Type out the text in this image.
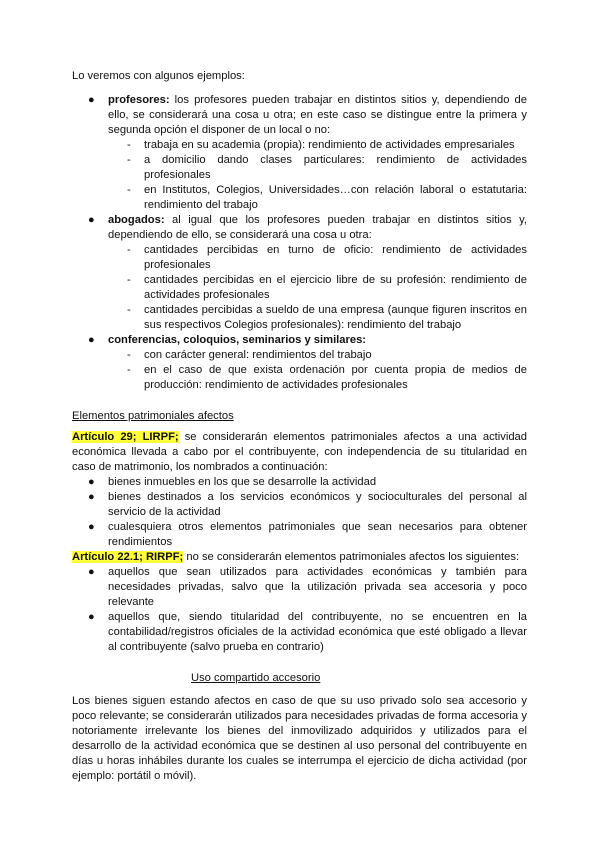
Lo veremos con algunos ejemplos:

● profesores: los profesores pueden trabajar en distintos sitios y, dependiendo de ello, se considerará una cosa u otra; en este caso se distingue entre la primera y segunda opción el disponer de un local o no:
- trabaja en su academia (propia): rendimiento de actividades empresariales
- a domicilio dando clases particulares: rendimiento de actividades profesionales
- en Institutos, Colegios, Universidades…con relación laboral o estatutaria: rendimiento del trabajo
● abogados: al igual que los profesores pueden trabajar en distintos sitios y, dependiendo de ello, se considerará una cosa u otra:
- cantidades percibidas en turno de oficio: rendimiento de actividades profesionales
- cantidades percibidas en el ejercicio libre de su profesión: rendimiento de actividades profesionales
- cantidades percibidas a sueldo de una empresa (aunque figuren inscritos en sus respectivos Colegios profesionales): rendimiento del trabajo
● conferencias, coloquios, seminarios y similares:
- con carácter general: rendimientos del trabajo
- en el caso de que exista ordenación por cuenta propia de medios de producción: rendimiento de actividades profesionales

Elementos patrimoniales afectos

Artículo 29; LIRPF; se considerarán elementos patrimoniales afectos a una actividad económica llevada a cabo por el contribuyente, con independencia de su titularidad en caso de matrimonio, los nombrados a continuación:

● bienes inmuebles en los que se desarrolle la actividad
● bienes destinados a los servicios económicos y socioculturales del personal al servicio de la actividad
● cualesquiera otros elementos patrimoniales que sean necesarios para obtener rendimientos

Artículo 22.1; RIRPF; no se considerarán elementos patrimoniales afectos los siguientes:

● aquellos que sean utilizados para actividades económicas y también para necesidades privadas, salvo que la utilización privada sea accesoria y poco relevante
● aquellos que, siendo titularidad del contribuyente, no se encuentren en la contabilidad/registros oficiales de la actividad económica que esté obligado a llevar al contribuyente (salvo prueba en contrario)

Uso compartido accesorio

Los bienes siguen estando afectos en caso de que su uso privado solo sea accesorio y poco relevante; se considerarán utilizados para necesidades privadas de forma accesoria y notoriamente irrelevante los bienes del inmovilizado adquiridos y utilizados para el desarrollo de la actividad económica que se destinen al uso personal del contribuyente en días u horas inhábiles durante los cuales se interrumpa el ejercicio de dicha actividad (por ejemplo: portátil o móvil).
